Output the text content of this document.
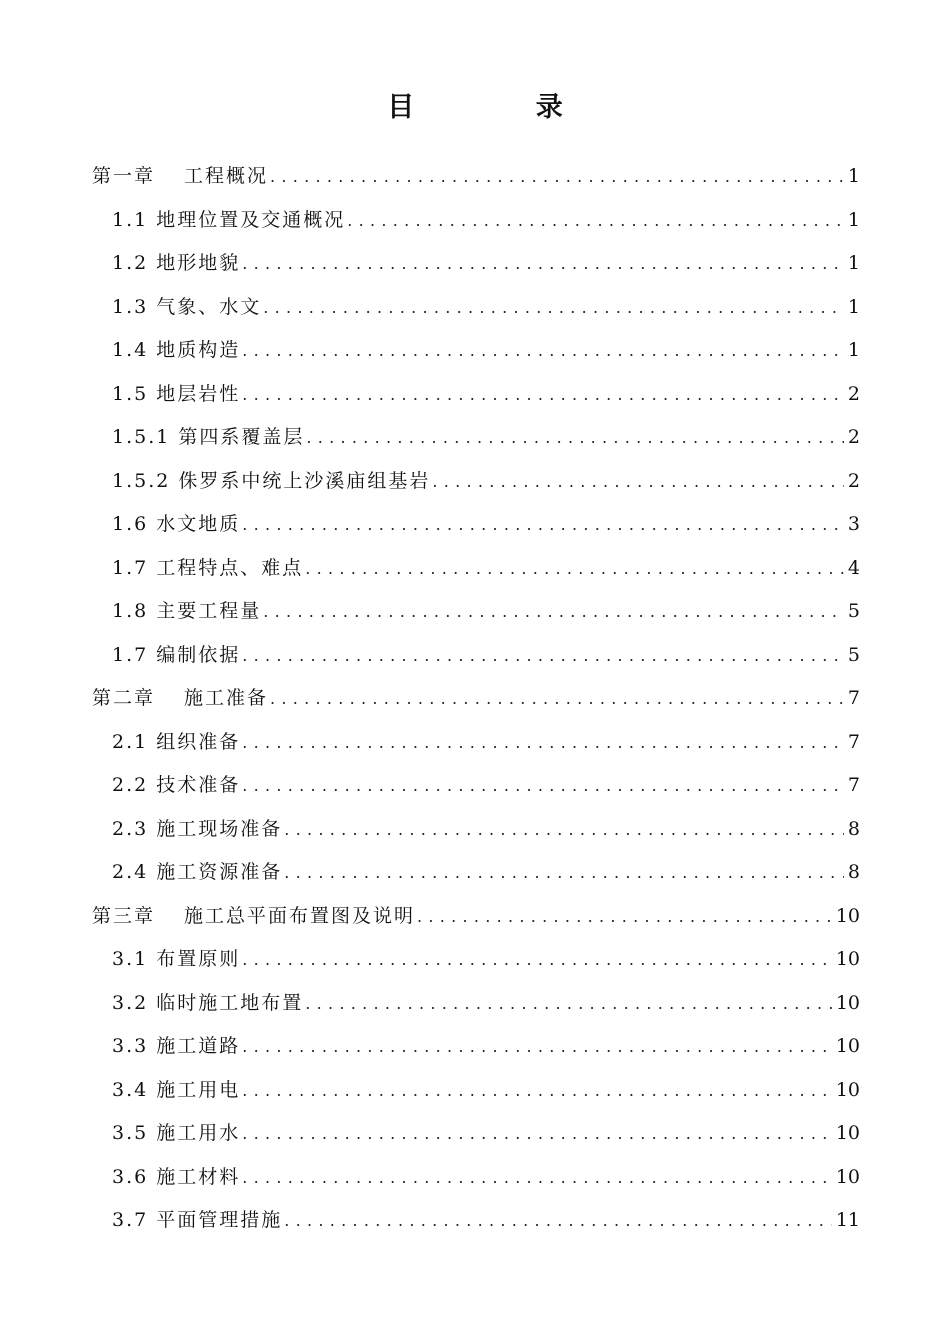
目 录
第一章　 工程概况 . . .	1
1.1 地理位置及交通概况 . . .	1
1.2 地形地貌 . . .	1
1.3 气象、水文 . . .	1
1.4 地质构造 . . .	1
1.5 地层岩性 . . .	2
1.5.1 第四系覆盖层 . . .	2
1.5.2 侏罗系中统上沙溪庙组基岩 . . .	2
1.6 水文地质 . . .	3
1.7 工程特点、难点 . . .	4
1.8 主要工程量 . . .	5
1.7 编制依据 . . .	5
第二章　 施工准备 . . .	7
2.1 组织准备 . . .	7
2.2 技术准备 . . .	7
2.3 施工现场准备 . . .	8
2.4 施工资源准备 . . .	8
第三章　 施工总平面布置图及说明 . . .	10
3.1 布置原则 . . .	10
3.2 临时施工地布置 . . .	10
3.3 施工道路 . . .	10
3.4 施工用电 . . .	10
3.5 施工用水 . . .	10
3.6 施工材料 . . .	10
3.7 平面管理措施 . . .	11
